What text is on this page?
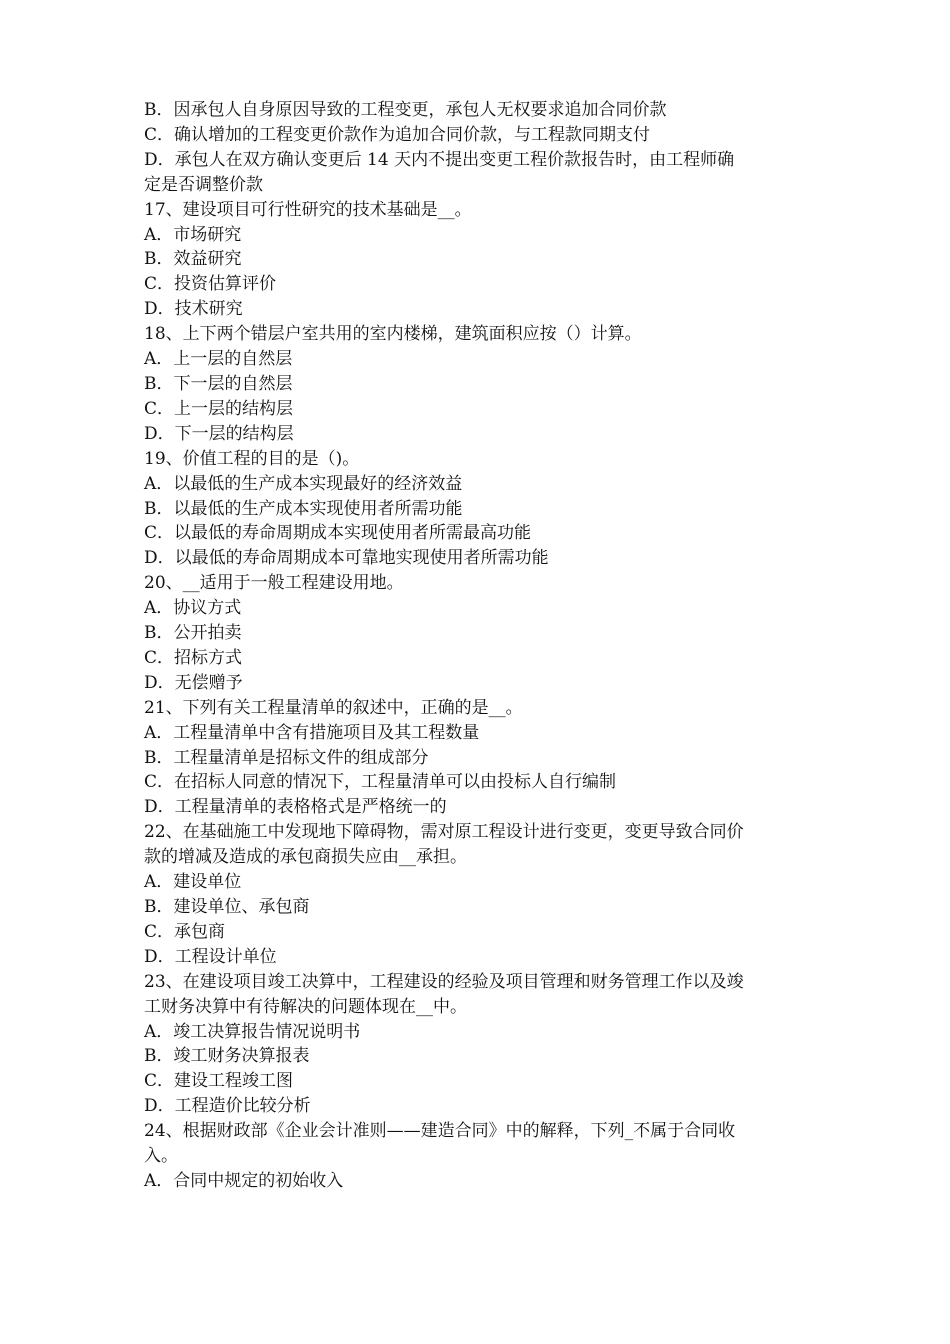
B．因承包人自身原因导致的工程变更，承包人无权要求追加合同价款
C．确认增加的工程变更价款作为追加合同价款，与工程款同期支付
D．承包人在双方确认变更后 14 天内不提出变更工程价款报告时，由工程师确
定是否调整价款
17、建设项目可行性研究的技术基础是__。
A．市场研究
B．效益研究
C．投资估算评价
D．技术研究
18、上下两个错层户室共用的室内楼梯，建筑面积应按（）计算。
A．上一层的自然层
B．下一层的自然层
C．上一层的结构层
D．下一层的结构层
19、价值工程的目的是（)。
A．以最低的生产成本实现最好的经济效益
B．以最低的生产成本实现使用者所需功能
C．以最低的寿命周期成本实现使用者所需最高功能
D．以最低的寿命周期成本可靠地实现使用者所需功能
20、__适用于一般工程建设用地。
A．协议方式
B．公开拍卖
C．招标方式
D．无偿赠予
21、下列有关工程量清单的叙述中，正确的是__。
A．工程量清单中含有措施项目及其工程数量
B．工程量清单是招标文件的组成部分
C．在招标人同意的情况下，工程量清单可以由投标人自行编制
D．工程量清单的表格格式是严格统一的
22、在基础施工中发现地下障碍物，需对原工程设计进行变更，变更导致合同价
款的增减及造成的承包商损失应由__承担。
A．建设单位
B．建设单位、承包商
C．承包商
D．工程设计单位
23、在建设项目竣工决算中，工程建设的经验及项目管理和财务管理工作以及竣
工财务决算中有待解决的问题体现在__中。
A．竣工决算报告情况说明书
B．竣工财务决算报表
C．建设工程竣工图
D．工程造价比较分析
24、根据财政部《企业会计准则——建造合同》中的解释，下列_不属于合同收
入。
A．合同中规定的初始收入
